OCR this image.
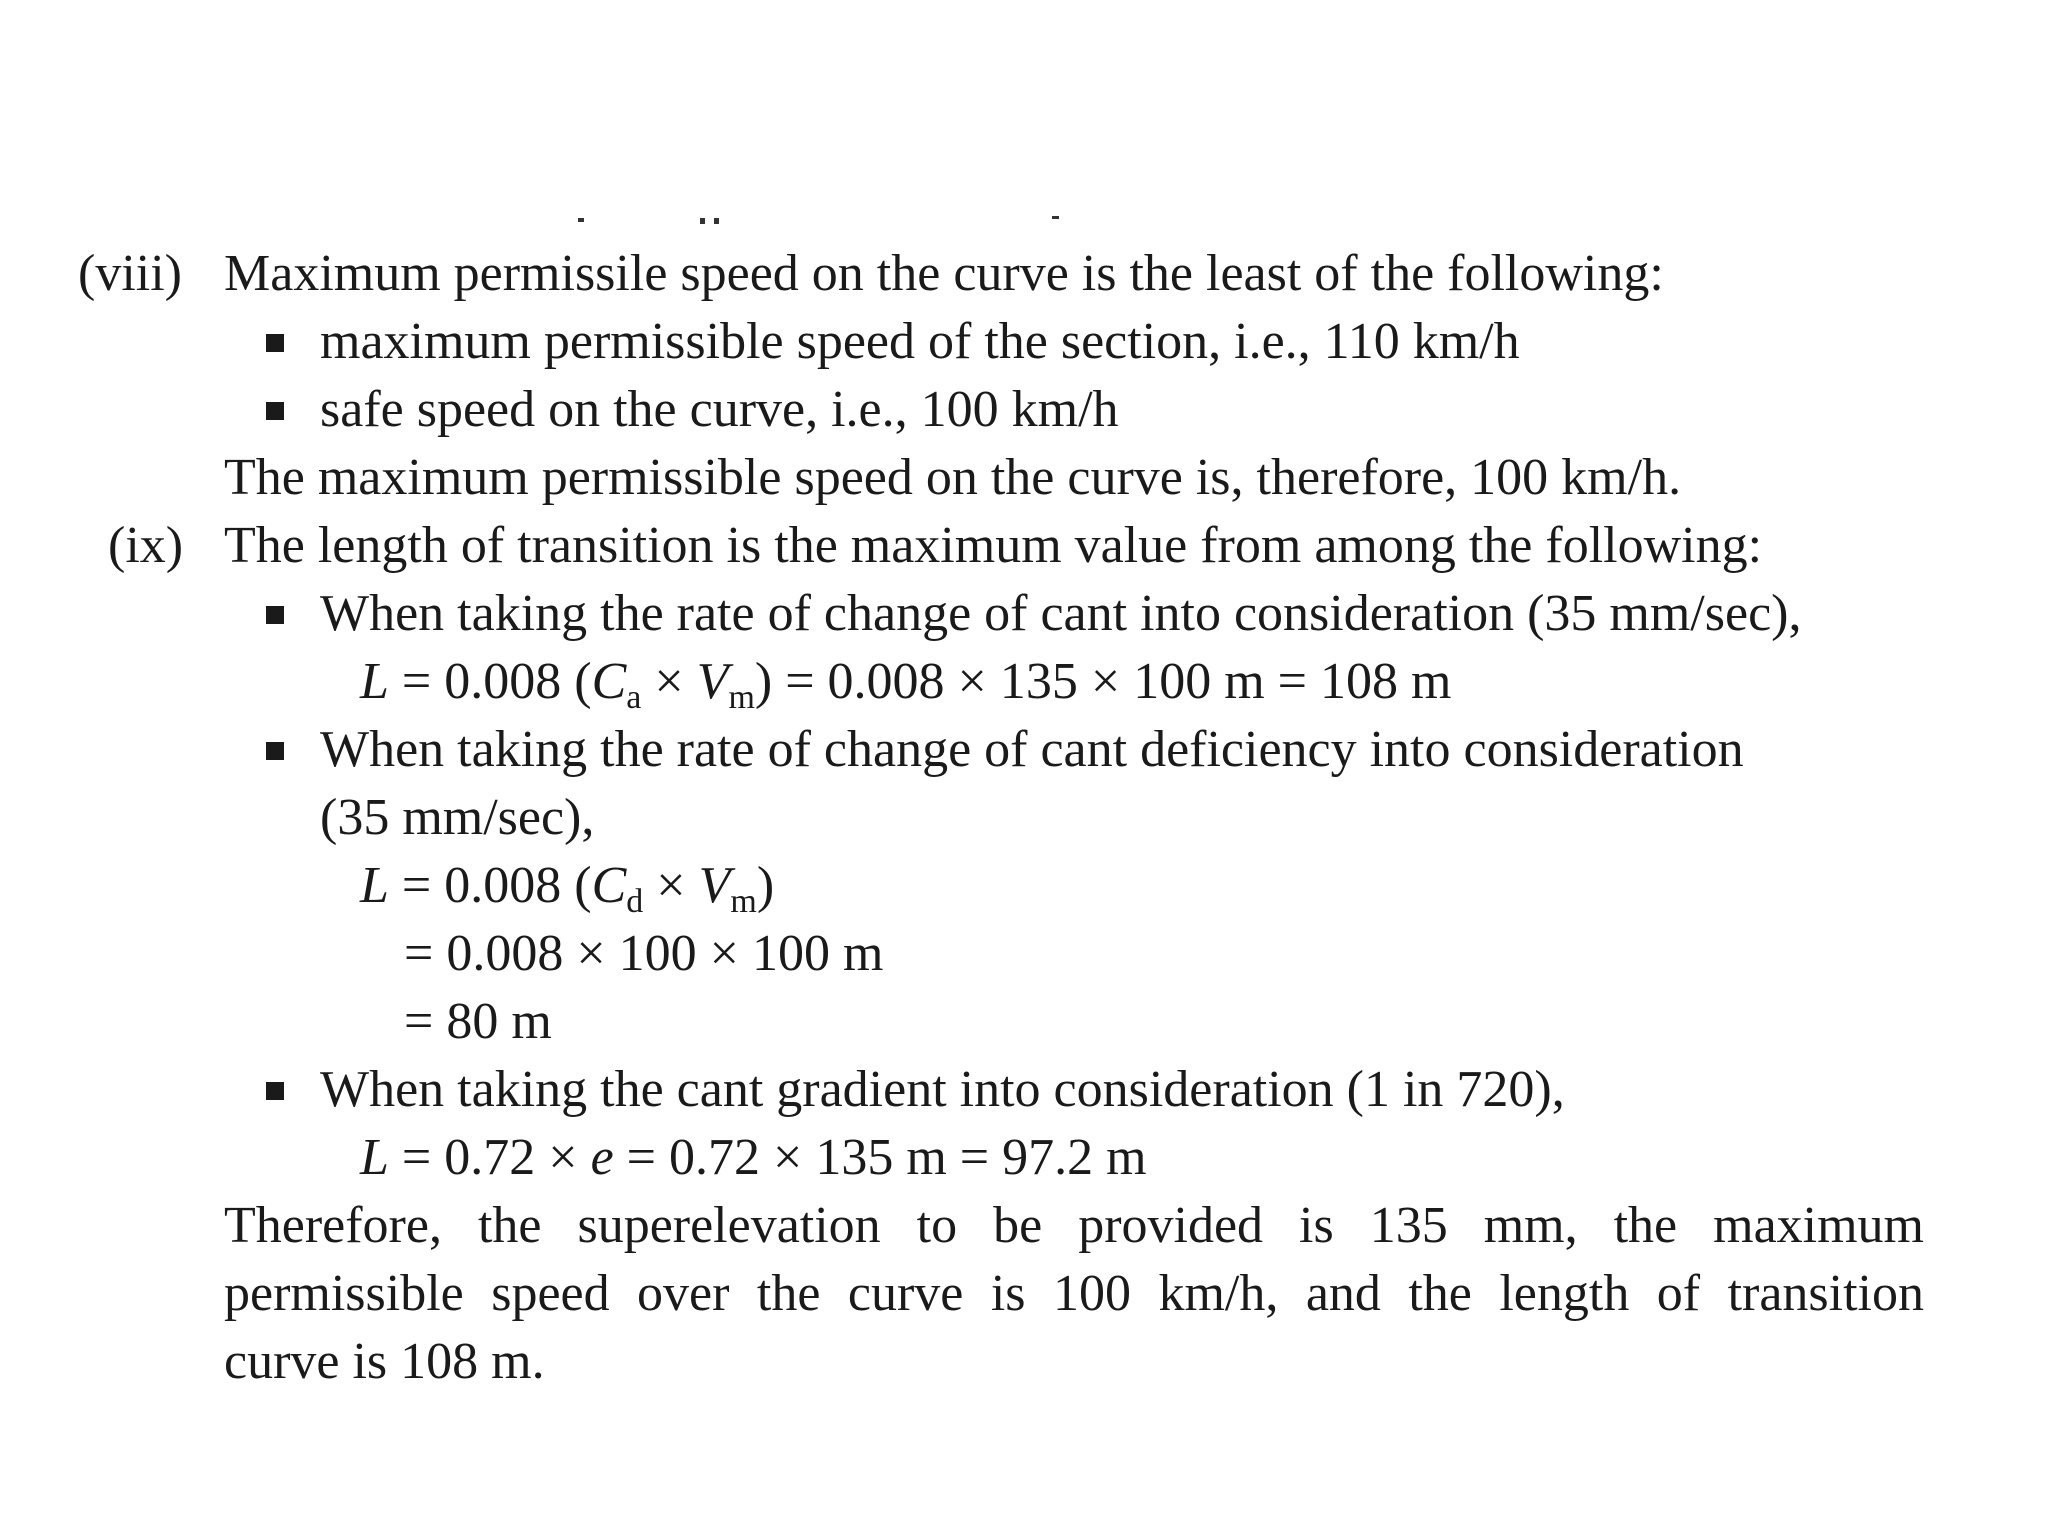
(viii) Maximum permissile speed on the curve is the least of the following:
maximum permissible speed of the section, i.e., 110 km/h
safe speed on the curve, i.e., 100 km/h
The maximum permissible speed on the curve is, therefore, 100 km/h.
(ix) The length of transition is the maximum value from among the following:
When taking the rate of change of cant into consideration (35 mm/sec),
L = 0.008 $(C_a \times V_m) = 0.008 \times 135 \times 100$ m = 108 m
When taking the rate of change of cant deficiency into consideration
(35 mm/sec),
L = 0.008 $(C_d \times V_m)$
= 0.008 × 100 × 100 m
= 80 m
When taking the cant gradient into consideration (1 in 720),
L = 0.72 × e = 0.72 × 135 m = 97.2 m
Therefore, the superelevation to be provided is 135 mm, the maximum
permissible speed over the curve is 100 km/h, and the length of transition
curve is 108 m.
